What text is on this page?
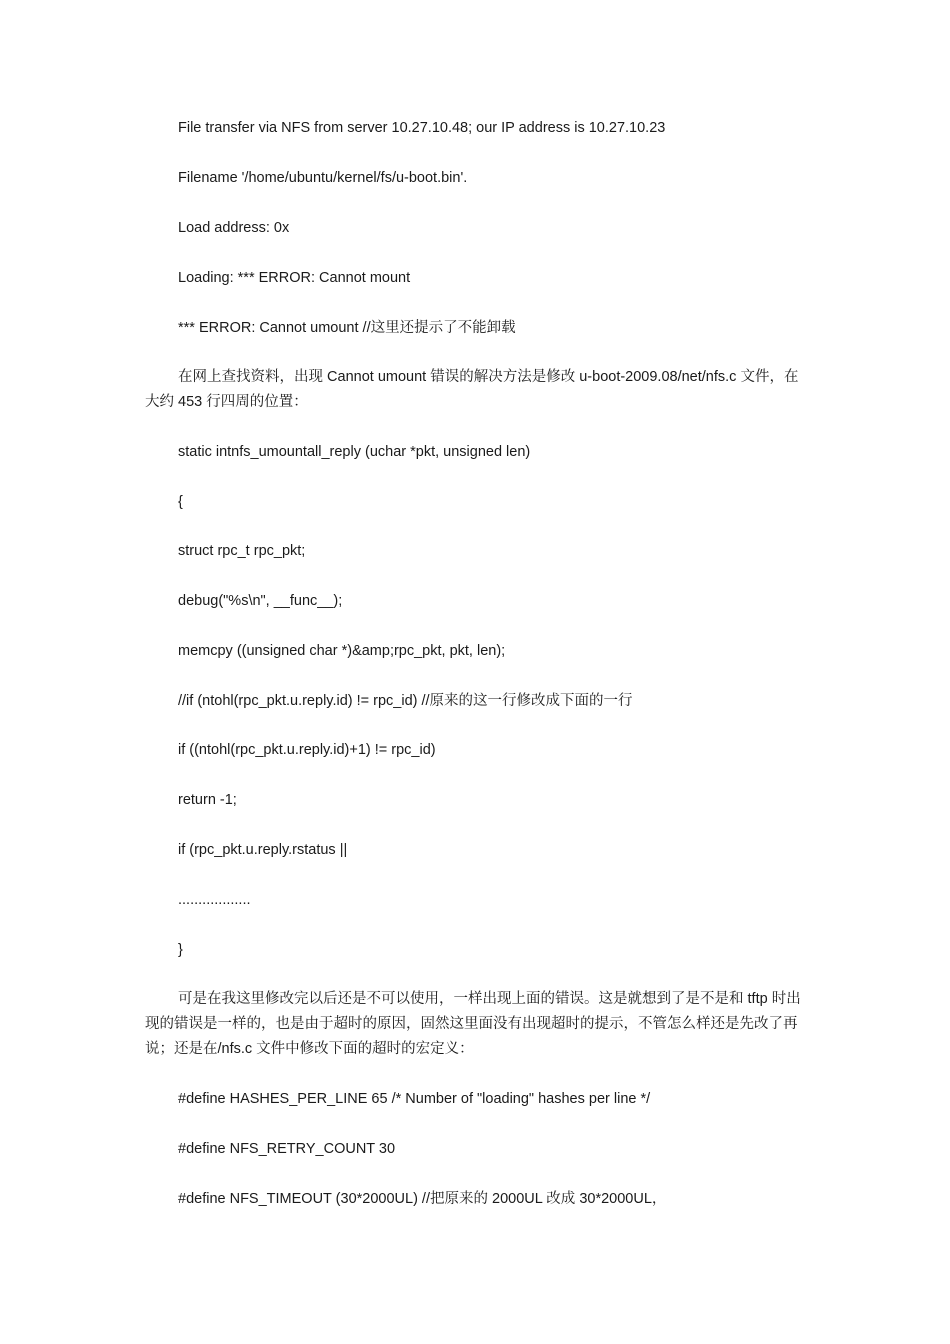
File transfer via NFS from server 10.27.10.48; our IP address is 10.27.10.23
Filename '/home/ubuntu/kernel/fs/u-boot.bin'.
Load address: 0x
Loading: *** ERROR: Cannot mount
*** ERROR: Cannot umount //这里还提示了不能卸载
在网上查找资料，出现 Cannot umount 错误的解决方法是修改 u-boot-2009.08/net/nfs.c 文件，在大约 453 行四周的位置：
static intnfs_umountall_reply (uchar *pkt, unsigned len)
{
struct rpc_t rpc_pkt;
debug("%s\n", __func__);
memcpy ((unsigned char *)&amp;rpc_pkt, pkt, len);
//if (ntohl(rpc_pkt.u.reply.id) != rpc_id) //原来的这一行修改成下面的一行
if ((ntohl(rpc_pkt.u.reply.id)+1) != rpc_id)
return -1;
if (rpc_pkt.u.reply.rstatus ||
..................
}
可是在我这里修改完以后还是不可以使用，一样出现上面的错误。这是就想到了是不是和 tftp 时出现的错误是一样的，也是由于超时的原因，固然这里面没有出现超时的提示，不管怎么样还是先改了再说；还是在/nfs.c 文件中修改下面的超时的宏定义：
#define HASHES_PER_LINE 65 /* Number of "loading" hashes per line */
#define NFS_RETRY_COUNT 30
#define NFS_TIMEOUT (30*2000UL) //把原来的 2000UL 改成 30*2000UL，
